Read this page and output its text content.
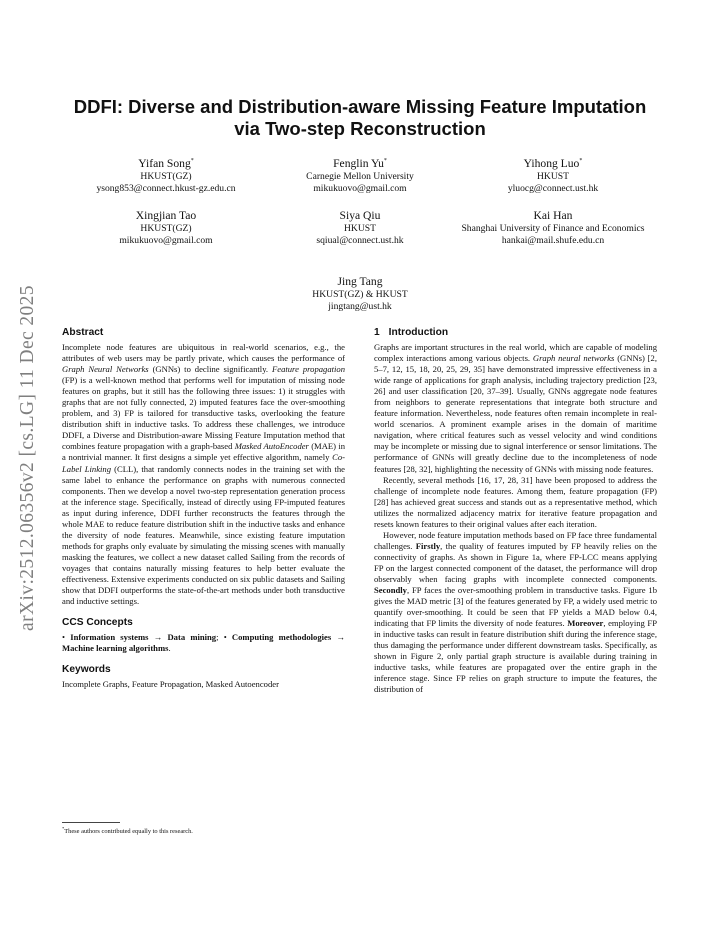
arXiv:2512.06356v2 [cs.LG] 11 Dec 2025
DDFI: Diverse and Distribution-aware Missing Feature Imputation via Two-step Reconstruction
Yifan Song*
HKUST(GZ)
ysong853@connect.hkust-gz.edu.cn
Fenglin Yu*
Carnegie Mellon University
mikukuovo@gmail.com
Yihong Luo*
HKUST
yluocg@connect.ust.hk
Xingjian Tao
HKUST(GZ)
mikukuovo@gmail.com
Siya Qiu
HKUST
sqiual@connect.ust.hk
Kai Han
Shanghai University of Finance and Economics
hankai@mail.shufe.edu.cn
Jing Tang
HKUST(GZ) & HKUST
jingtang@ust.hk
Abstract

Incomplete node features are ubiquitous in real-world scenarios, e.g., the attributes of web users may be partly private, which causes the performance of Graph Neural Networks (GNNs) to decline significantly. Feature propagation (FP) is a well-known method that performs well for imputation of missing node features on graphs, but it still has the following three issues: 1) it struggles with graphs that are not fully connected, 2) imputed features face the over-smoothing problem, and 3) FP is tailored for transductive tasks, overlooking the feature distribution shift in inductive tasks. To address these challenges, we introduce DDFI, a Diverse and Distribution-aware Missing Feature Imputation method that combines feature propagation with a graph-based Masked AutoEncoder (MAE) in a nontrivial manner. It first designs a simple yet effective algorithm, namely Co-Label Linking (CLL), that randomly connects nodes in the training set with the same label to enhance the performance on graphs with numerous connected components. Then we develop a novel two-step representation generation process at the inference stage. Specifically, instead of directly using FP-imputed features as input during inference, DDFI further reconstructs the features through the whole MAE to reduce feature distribution shift in the inductive tasks and enhance the diversity of node features. Meanwhile, since existing feature imputation methods for graphs only evaluate by simulating the missing scenes with manually masking the features, we collect a new dataset called Sailing from the records of voyages that contains naturally missing features to help better evaluate the effectiveness. Extensive experiments conducted on six public datasets and Sailing show that DDFI outperforms the state-of-the-art methods under both transductive and inductive settings.

CCS Concepts

• Information systems → Data mining; • Computing methodologies → Machine learning algorithms.

Keywords

Incomplete Graphs, Feature Propagation, Masked Autoencoder

*These authors contributed equally to this research.
1 Introduction

Graphs are important structures in the real world, which are capable of modeling complex interactions among various objects. Graph neural networks (GNNs) [2, 5–7, 12, 15, 18, 20, 25, 29, 35] have demonstrated impressive effectiveness in a wide range of applications for graph analysis, including trajectory prediction [23, 26] and user classification [20, 37–39]. Usually, GNNs aggregate node features from neighbors to generate representations that integrate both structure and feature information. Nevertheless, node features often remain incomplete in real-world scenarios. A prominent example arises in the domain of maritime navigation, where critical features such as vessel velocity and wind conditions may be incomplete or missing due to signal interference or sensor limitations. The performance of GNNs will greatly decline due to the incompleteness of node features [28, 32], highlighting the necessity of GNNs with missing node features.

Recently, several methods [16, 17, 28, 31] have been proposed to address the challenge of incomplete node features. Among them, feature propagation (FP) [28] has achieved great success and stands out as a representative method, which utilizes the normalized adjacency matrix for iterative feature propagation and resets known features to their original values after each iteration.

However, node feature imputation methods based on FP face three fundamental challenges. Firstly, the quality of features imputed by FP heavily relies on the connectivity of graphs. As shown in Figure 1a, where FP-LCC means applying FP on the largest connected component of the dataset, the performance will drop observably when facing graphs with incomplete connected components. Secondly, FP faces the over-smoothing problem in transductive tasks. Figure 1b gives the MAD metric [3] of the features generated by FP, a widely used metric to quantify over-smoothing. It could be seen that FP yields a MAD below 0.4, indicating that FP limits the diversity of node features. Moreover, employing FP in inductive tasks can result in feature distribution shift during the inference stage, thus damaging the performance under different downstream tasks. Specifically, as shown in Figure 2, only partial graph structure is available during training in inductive tasks, while features are propagated over the entire graph in the inference stage. Since FP relies on graph structure to impute the features, the distribution of
